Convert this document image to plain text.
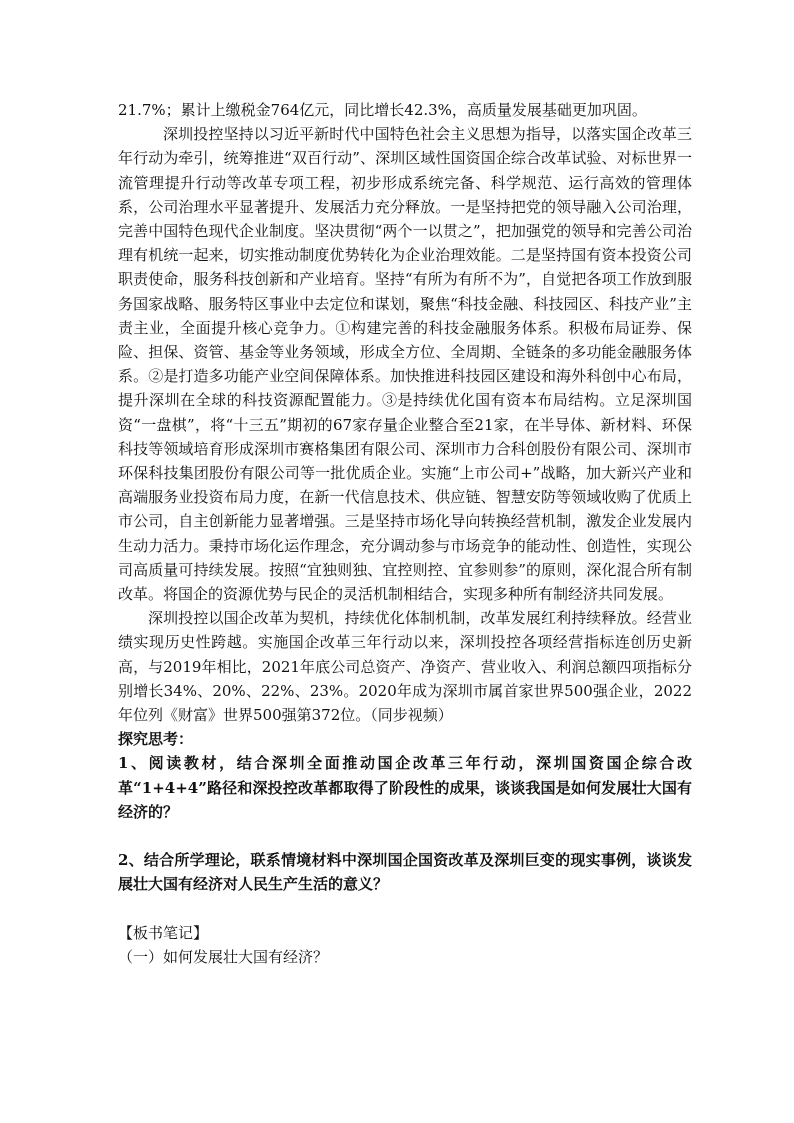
21.7%；累计上缴税金764亿元，同比增长42.3%，高质量发展基础更加巩固。

深圳投控坚持以习近平新时代中国特色社会主义思想为指导，以落实国企改革三年行动为牵引，统筹推进“双百行动”、深圳区域性国资国企综合改革试验、对标世界一流管理提升行动等改革专项工程，初步形成系统完备、科学规范、运行高效的管理体系，公司治理水平显著提升、发展活力充分释放。一是坚持把党的领导融入公司治理，完善中国特色现代企业制度。坚决贯彻“两个一以贯之”，把加强党的领导和完善公司治理有机统一起来，切实推动制度优势转化为企业治理效能。二是坚持国有资本投资公司职责使命，服务科技创新和产业培育。坚持“有所为有所不为”，自觉把各项工作放到服务国家战略、服务特区事业中去定位和谋划，聚焦“科技金融、科技园区、科技产业”主责主业，全面提升核心竞争力。①构建完善的科技金融服务体系。积极布局证券、保险、担保、资管、基金等业务领域，形成全方位、全周期、全链条的多功能金融服务体系。②是打造多功能产业空间保障体系。加快推进科技园区建设和海外科创中心布局，提升深圳在全球的科技资源配置能力。③是持续优化国有资本布局结构。立足深圳国资“一盘棋”，将“十三五”期初的67家存量企业整合至21家，在半导体、新材料、环保科技等领域培育形成深圳市赛格集团有限公司、深圳市力合科创股份有限公司、深圳市环保科技集团股份有限公司等一批优质企业。实施“上市公司+”战略，加大新兴产业和高端服务业投资布局力度，在新一代信息技术、供应链、智慧安防等领域收购了优质上市公司，自主创新能力显著增强。三是坚持市场化导向转换经营机制，激发企业发展内生动力活力。秉持市场化运作理念，充分调动参与市场竞争的能动性、创造性，实现公司高质量可持续发展。按照“宜独则独、宜控则控、宜参则参”的原则，深化混合所有制改革。将国企的资源优势与民企的灵活机制相结合，实现多种所有制经济共同发展。

深圳投控以国企改革为契机，持续优化体制机制，改革发展红利持续释放。经营业绩实现历史性跨越。实施国企改革三年行动以来，深圳投控各项经营指标连创历史新高，与2019年相比，2021年底公司总资产、净资产、营业收入、利润总额四项指标分别增长34%、20%、22%、23%。2020年成为深圳市属首家世界500强企业，2022年位列《财富》世界500强第372位。（同步视频）

探究思考：

1、阅读教材，结合深圳全面推动国企改革三年行动，深圳国资国企综合改革“1+4+4”路径和深投控改革都取得了阶段性的成果，谈谈我国是如何发展壮大国有经济的？

2、结合所学理论，联系情境材料中深圳国企国资改革及深圳巨变的现实事例，谈谈发展壮大国有经济对人民生产生活的意义？

【板书笔记】

（一）如何发展壮大国有经济？
